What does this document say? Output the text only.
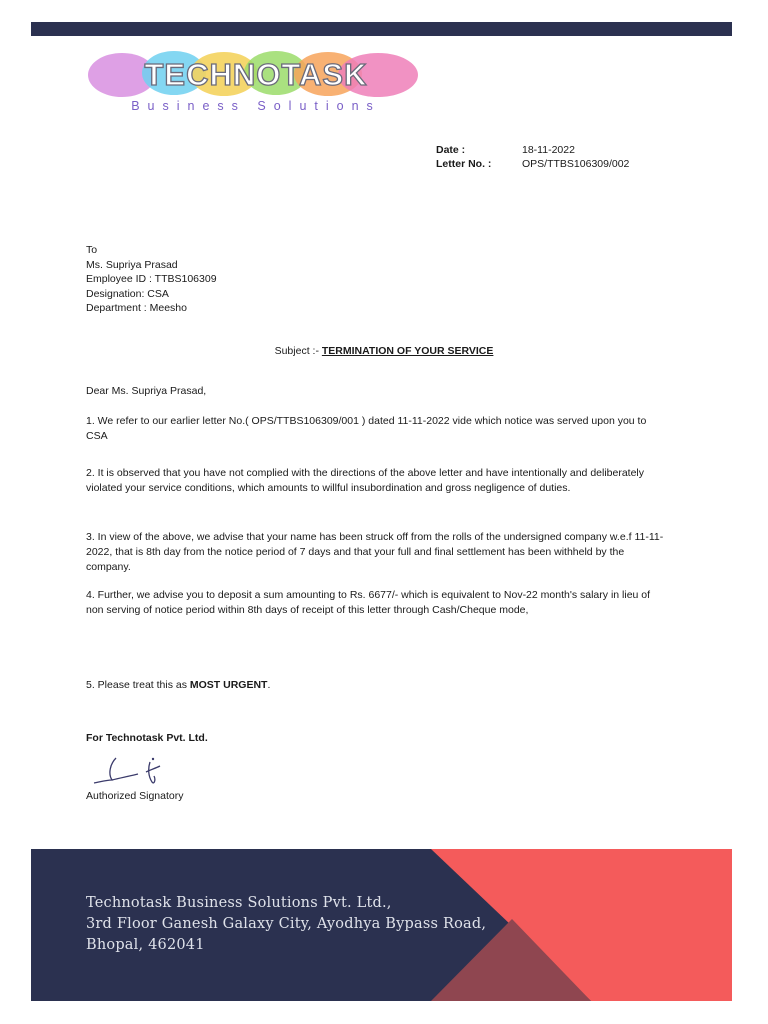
TECHNOTASK
Business Solutions
Date :	18-11-2022
Letter No. :	OPS/TTBS106309/002
To
Ms. Supriya Prasad
Employee ID : TTBS106309
Designation: CSA
Department : Meesho
Subject :- TERMINATION OF YOUR SERVICE
Dear Ms. Supriya Prasad,
1. We refer to our earlier letter No.( OPS/TTBS106309/001 ) dated 11-11-2022 vide which notice was served upon you to CSA
2. It is observed that you have not complied with the directions of the above letter and have intentionally and deliberately violated your service conditions, which amounts to willful insubordination and gross negligence of duties.
3. In view of the above, we advise that your name has been struck off from the rolls of the undersigned company w.e.f 11-11-2022, that is 8th day from the notice period of 7 days and that your full and final settlement has been withheld by the company.
4. Further, we advise you to deposit a sum amounting to Rs. 6677/- which is equivalent to Nov-22 month's salary in lieu of non serving of notice period within 8th days of receipt of this letter through Cash/Cheque mode,
5. Please treat this as MOST URGENT.
For Technotask Pvt. Ltd.
Authorized Signatory
Technotask Business Solutions Pvt. Ltd.,
3rd Floor Ganesh Galaxy City, Ayodhya Bypass Road,
Bhopal, 462041
